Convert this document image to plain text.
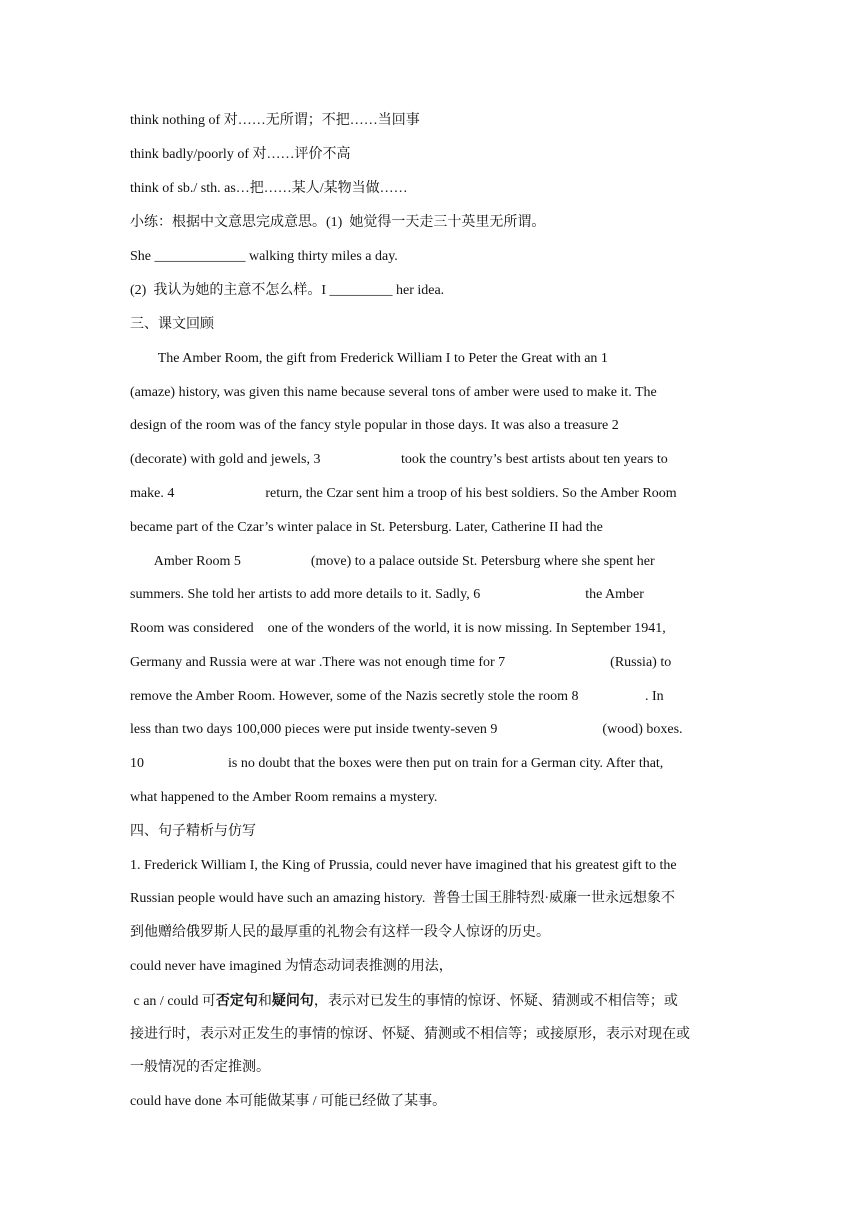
think nothing of 对……无所谓；不把……当回事
think badly/poorly of 对……评价不高
think of sb./ sth. as…把……某人/某物当做……
小练：根据中文意思完成意思。(1)  她觉得一天走三十英里无所谓。
She _____________ walking thirty miles a day.
(2)  我认为她的主意不怎么样。I _________ her idea.
三、课文回顾
The Amber Room, the gift from Frederick William I to Peter the Great with an 1
(amaze) history, was given this name because several tons of amber were used to make it. The
design of the room was of the fancy style popular in those days. It was also a treasure 2
(decorate) with gold and jewels, 3                       took the country’s best artists about ten years to
make. 4                          return, the Czar sent him a troop of his best soldiers. So the Amber Room
became part of the Czar’s winter palace in St. Petersburg. Later, Catherine II had the
Amber Room 5                    (move) to a palace outside St. Petersburg where she spent her
summers. She told her artists to add more details to it. Sadly, 6                              the Amber
Room was considered    one of the wonders of the world, it is now missing. In September 1941,
Germany and Russia were at war .There was not enough time for 7                              (Russia) to
remove the Amber Room. However, some of the Nazis secretly stole the room 8                   . In
less than two days 100,000 pieces were put inside twenty-seven 9                              (wood) boxes.
10                        is no doubt that the boxes were then put on train for a German city. After that,
what happened to the Amber Room remains a mystery.
四、句子精析与仿写
1. Frederick William I, the King of Prussia, could never have imagined that his greatest gift to the
Russian people would have such an amazing history.  普鲁士国王腓特烈·威廉一世永远想象不
到他赠给俄罗斯人民的最厚重的礼物会有这样一段令人惊讶的历史。
could never have imagined 为情态动词表推测的用法，
c an / could 可否定句和疑问句，表示对已发生的事情的惊讶、怀疑、猜测或不相信等；或
接进行时，表示对正发生的事情的惊讶、怀疑、猜测或不相信等；或接原形，表示对现在或
一般情况的否定推测。
could have done 本可能做某事 / 可能已经做了某事。
